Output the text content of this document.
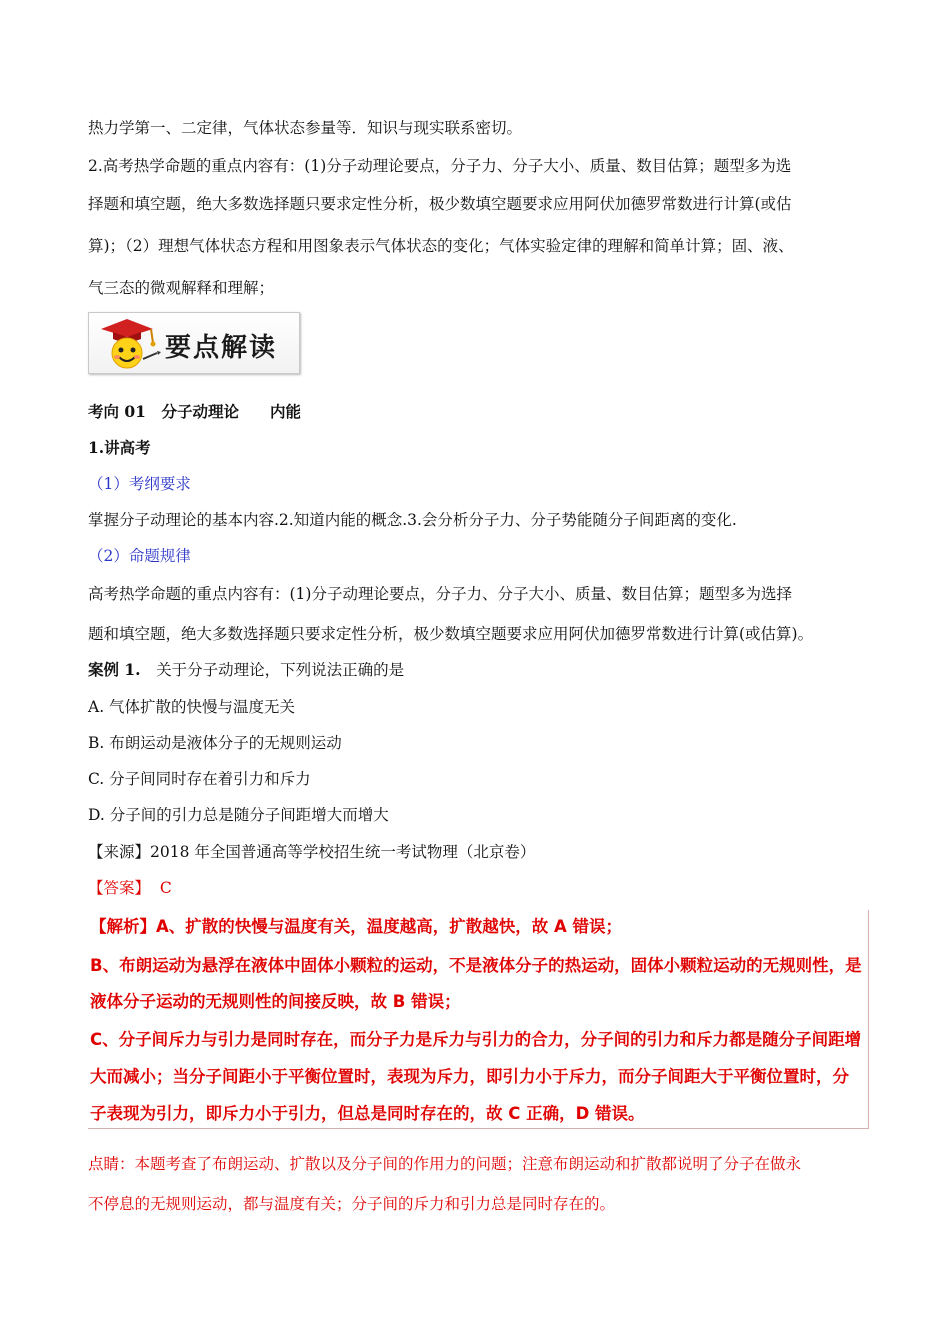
热力学第一、二定律，气体状态参量等．知识与现实联系密切。
2.高考热学命题的重点内容有：(1)分子动理论要点，分子力、分子大小、质量、数目估算；题型多为选
择题和填空题，绝大多数选择题只要求定性分析，极少数填空题要求应用阿伏加德罗常数进行计算(或估
算)；（2）理想气体状态方程和用图象表示气体状态的变化；气体实验定律的理解和简单计算；固、液、
气三态的微观解释和理解；
要点解读
考向 01　分子动理论　　内能
1.讲高考
（1）考纲要求
掌握分子动理论的基本内容.2.知道内能的概念.3.会分析分子力、分子势能随分子间距离的变化.
（2）命题规律
高考热学命题的重点内容有：(1)分子动理论要点，分子力、分子大小、质量、数目估算；题型多为选择
题和填空题，绝大多数选择题只要求定性分析，极少数填空题要求应用阿伏加德罗常数进行计算(或估算)。
案例 1.　关于分子动理论，下列说法正确的是
A. 气体扩散的快慢与温度无关
B. 布朗运动是液体分子的无规则运动
C. 分子间同时存在着引力和斥力
D. 分子间的引力总是随分子间距增大而增大
【来源】2018 年全国普通高等学校招生统一考试物理（北京卷）
【答案】 C
【解析】A、扩散的快慢与温度有关，温度越高，扩散越快，故 A 错误；
B、布朗运动为悬浮在液体中固体小颗粒的运动，不是液体分子的热运动，固体小颗粒运动的无规则性，是
液体分子运动的无规则性的间接反映，故 B 错误；
C、分子间斥力与引力是同时存在，而分子力是斥力与引力的合力，分子间的引力和斥力都是随分子间距增
大而减小；当分子间距小于平衡位置时，表现为斥力，即引力小于斥力，而分子间距大于平衡位置时，分
子表现为引力，即斥力小于引力，但总是同时存在的，故 C 正确，D 错误。
点睛：本题考查了布朗运动、扩散以及分子间的作用力的问题；注意布朗运动和扩散都说明了分子在做永
不停息的无规则运动，都与温度有关；分子间的斥力和引力总是同时存在的。
